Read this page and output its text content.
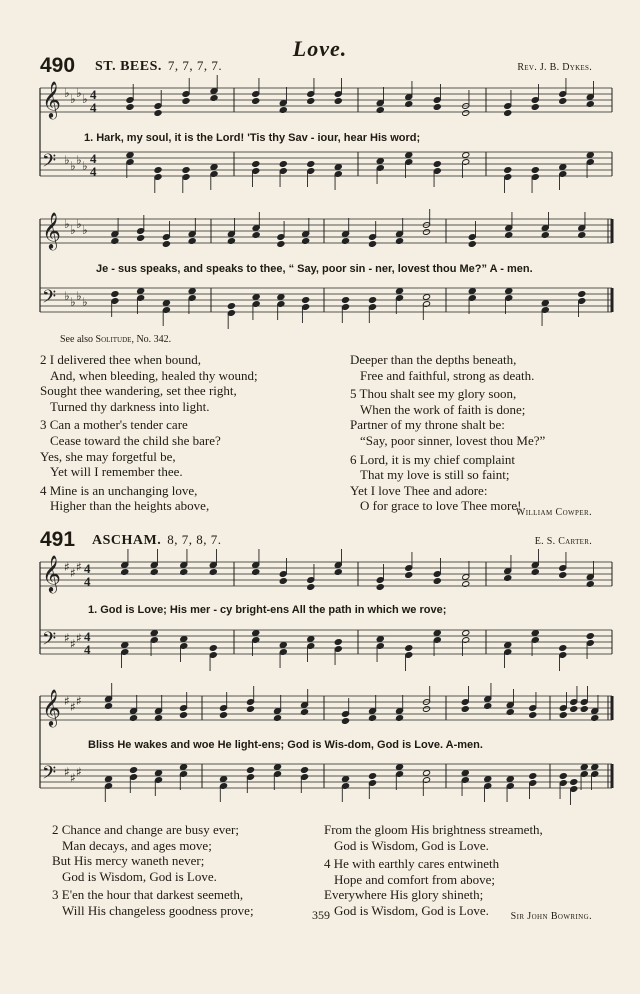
Love.
490 ST. BEES. 7, 7, 7, 7.	Rev. J. B. Dykes.
𝄞 ♭ ♭ ♭ ♭ 4
4
𝄢 ♭ ♭ ♭ ♭ 4
4
𝄞 ♭ ♭ ♭ ♭
𝄢 ♭ ♭ ♭ ♭
𝄞 ♯ ♯ ♯ 4
4
𝄢 ♯ ♯ ♯ 4
4
𝄞 ♯ ♯ ♯
𝄢 ♯ ♯ ♯
1. Hark, my soul, it is the Lord! 'Tis thy Sav - iour, hear His word;
Je - sus speaks, and speaks to thee, “ Say, poor sin - ner, lovest thou Me?” A - men.
See also Solitude, No. 342.

2 I delivered thee when bound,
And, when bleeding, healed thy wound;
Sought thee wandering, set thee right,
Turned thy darkness into light.

3 Can a mother's tender care
Cease toward the child she bare?
Yes, she may forgetful be,
Yet will I remember thee.

4 Mine is an unchanging love,
Higher than the heights above,

Deeper than the depths beneath,
Free and faithful, strong as death.

5 Thou shalt see my glory soon,
When the work of faith is done;
Partner of my throne shalt be:
“Say, poor sinner, lovest thou Me?”

6 Lord, it is my chief complaint
That my love is still so faint;
Yet I love Thee and adore:
O for grace to love Thee more!

William Cowper.
491 ASCHAM. 8, 7, 8, 7.	E. S. Carter.
1. God is Love; His mer - cy bright-ens All the path in which we rove;
Bliss He wakes and woe He light-ens; God is Wis-dom, God is Love. A-men.

2 Chance and change are busy ever;
Man decays, and ages move;
But His mercy waneth never;
God is Wisdom, God is Love.

3 E'en the hour that darkest seemeth,
Will His changeless goodness prove;

From the gloom His brightness streameth,
God is Wisdom, God is Love.

4 He with earthly cares entwineth
Hope and comfort from above;
Everywhere His glory shineth;
God is Wisdom, God is Love.

359	Sir John Bowring.
